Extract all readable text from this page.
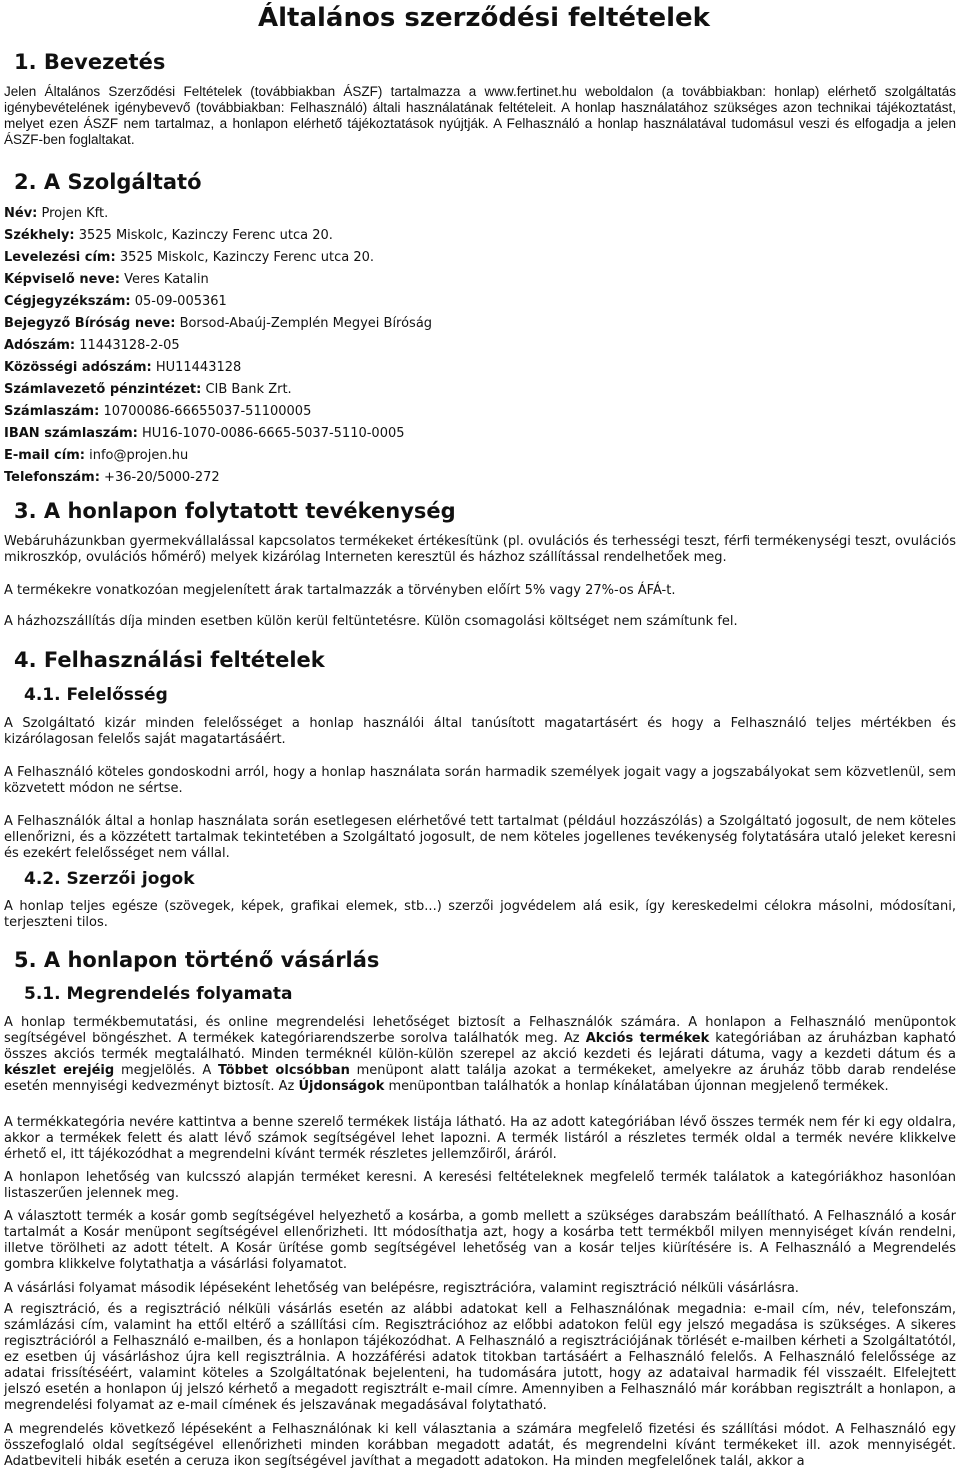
Általános szerződési feltételek
1. Bevezetés

Jelen Általános Szerződési Feltételek (továbbiakban ÁSZF) tartalmazza a www.fertinet.hu weboldalon (a továbbiakban: honlap) elérhető szolgáltatás igénybevételének igénybevevő (továbbiakban: Felhasználó) általi használatának feltételeit. A honlap használatához szükséges azon technikai tájékoztatást, melyet ezen ÁSZF nem tartalmaz, a honlapon elérhető tájékoztatások nyújtják. A Felhasználó a honlap használatával tudomásul veszi és elfogadja a jelen ÁSZF-ben foglaltakat.

2. A Szolgáltató
Név: Projen Kft.
Székhely: 3525 Miskolc, Kazinczy Ferenc utca 20.
Levelezési cím: 3525 Miskolc, Kazinczy Ferenc utca 20.
Képviselő neve: Veres Katalin
Cégjegyzékszám: 05-09-005361
Bejegyző Bíróság neve: Borsod-Abaúj-Zemplén Megyei Bíróság
Adószám: 11443128-2-05
Közösségi adószám: HU11443128
Számlavezető pénzintézet: CIB Bank Zrt.
Számlaszám: 10700086-66655037-51100005
IBAN számlaszám: HU16-1070-0086-6665-5037-5110-0005
E-mail cím: info@projen.hu
Telefonszám: +36-20/5000-272
3. A honlapon folytatott tevékenység

Webáruházunkban gyermekvállalással kapcsolatos termékeket értékesítünk (pl. ovulációs és terhességi teszt, férfi termékenységi teszt, ovulációs mikroszkóp, ovulációs hőmérő) melyek kizárólag Interneten keresztül és házhoz szállítással rendelhetőek meg.

A termékekre vonatkozóan megjelenített árak tartalmazzák a törvényben előírt 5% vagy 27%-os ÁFÁ-t.

A házhozszállítás díja minden esetben külön kerül feltüntetésre. Külön csomagolási költséget nem számítunk fel.

4. Felhasználási feltételek
4.1. Felelősség

A Szolgáltató kizár minden felelősséget a honlap használói által tanúsított magatartásért és hogy a Felhasználó teljes mértékben és kizárólagosan felelős saját magatartásáért.

A Felhasználó köteles gondoskodni arról, hogy a honlap használata során harmadik személyek jogait vagy a jogszabályokat sem közvetlenül, sem közvetett módon ne sértse.

A Felhasználók által a honlap használata során esetlegesen elérhetővé tett tartalmat (például hozzászólás) a Szolgáltató jogosult, de nem köteles ellenőrizni, és a közzétett tartalmak tekintetében a Szolgáltató jogosult, de nem köteles jogellenes tevékenység folytatására utaló jeleket keresni és ezekért felelősséget nem vállal.

4.2. Szerzői jogok

A honlap teljes egésze (szövegek, képek, grafikai elemek, stb...) szerzői jogvédelem alá esik, így kereskedelmi célokra másolni, módosítani, terjeszteni tilos.

5. A honlapon történő vásárlás
5.1. Megrendelés folyamata

A honlap termékbemutatási, és online megrendelési lehetőséget biztosít a Felhasználók számára. A honlapon a Felhasználó menüpontok segítségével böngészhet. A termékek kategóriarendszerbe sorolva találhatók meg. Az Akciós termékek kategóriában az áruházban kapható összes akciós termék megtalálható. Minden terméknél külön-külön szerepel az akció kezdeti és lejárati dátuma, vagy a kezdeti dátum és a készlet erejéig megjelölés. A Többet olcsóbban menüpont alatt találja azokat a termékeket, amelyekre az áruház több darab rendelése esetén mennyiségi kedvezményt biztosít. Az Újdonságok menüpontban találhatók a honlap kínálatában újonnan megjelenő termékek.

A termékkategória nevére kattintva a benne szerelő termékek listája látható. Ha az adott kategóriában lévő összes termék nem fér ki egy oldalra, akkor a termékek felett és alatt lévő számok segítségével lehet lapozni. A termék listáról a részletes termék oldal a termék nevére klikkelve érhető el, itt tájékozódhat a megrendelni kívánt termék részletes jellemzőiről, áráról.

A honlapon lehetőség van kulcsszó alapján terméket keresni. A keresési feltételeknek megfelelő termék találatok a kategóriákhoz hasonlóan listaszerűen jelennek meg.

A választott termék a kosár gomb segítségével helyezhető a kosárba, a gomb mellett a szükséges darabszám beállítható. A Felhasználó a kosár tartalmát a Kosár menüpont segítségével ellenőrizheti. Itt módosíthatja azt, hogy a kosárba tett termékből milyen mennyiséget kíván rendelni, illetve törölheti az adott tételt. A Kosár ürítése gomb segítségével lehetőség van a kosár teljes kiürítésére is. A Felhasználó a Megrendelés gombra klikkelve folytathatja a vásárlási folyamatot.

A vásárlási folyamat második lépéseként lehetőség van belépésre, regisztrációra, valamint regisztráció nélküli vásárlásra.

A regisztráció, és a regisztráció nélküli vásárlás esetén az alábbi adatokat kell a Felhasználónak megadnia: e-mail cím, név, telefonszám, számlázási cím, valamint ha ettől eltérő a szállítási cím. Regisztrációhoz az előbbi adatokon felül egy jelszó megadása is szükséges. A sikeres regisztrációról a Felhasználó e-mailben, és a honlapon tájékozódhat. A Felhasználó a regisztrációjának törlését e-mailben kérheti a Szolgáltatótól, ez esetben új vásárláshoz újra kell regisztrálnia. A hozzáférési adatok titokban tartásáért a Felhasználó felelős. A Felhasználó felelőssége az adatai frissítéséért, valamint köteles a Szolgáltatónak bejelenteni, ha tudomására jutott, hogy az adataival harmadik fél visszaélt. Elfelejtett jelszó esetén a honlapon új jelszó kérhető a megadott regisztrált e-mail címre. Amennyiben a Felhasználó már korábban regisztrált a honlapon, a megrendelési folyamat az e-mail címének és jelszavának megadásával folytatható.

A megrendelés következő lépéseként a Felhasználónak ki kell választania a számára megfelelő fizetési és szállítási módot. A Felhasználó egy összefoglaló oldal segítségével ellenőrizheti minden korábban megadott adatát, és megrendelni kívánt termékeket ill. azok mennyiségét. Adatbeviteli hibák esetén a ceruza ikon segítségével javíthat a megadott adatokon. Ha minden megfelelőnek talál, akkor a
